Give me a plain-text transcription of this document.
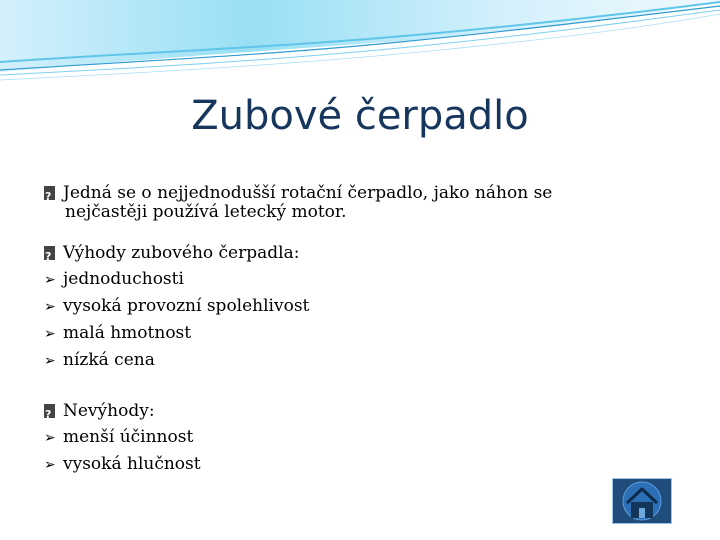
Zubové čerpadlo
?
Jedná se o nejjednodušší rotační čerpadlo, jako náhon se
nejčastěji používá letecký motor.
?
Výhody zubového čerpadla:
➢ jednoduchosti
➢ vysoká provozní spolehlivost
➢ malá hmotnost
➢ nízká cena
?
Nevýhody:
➢ menší účinnost
➢ vysoká hlučnost
